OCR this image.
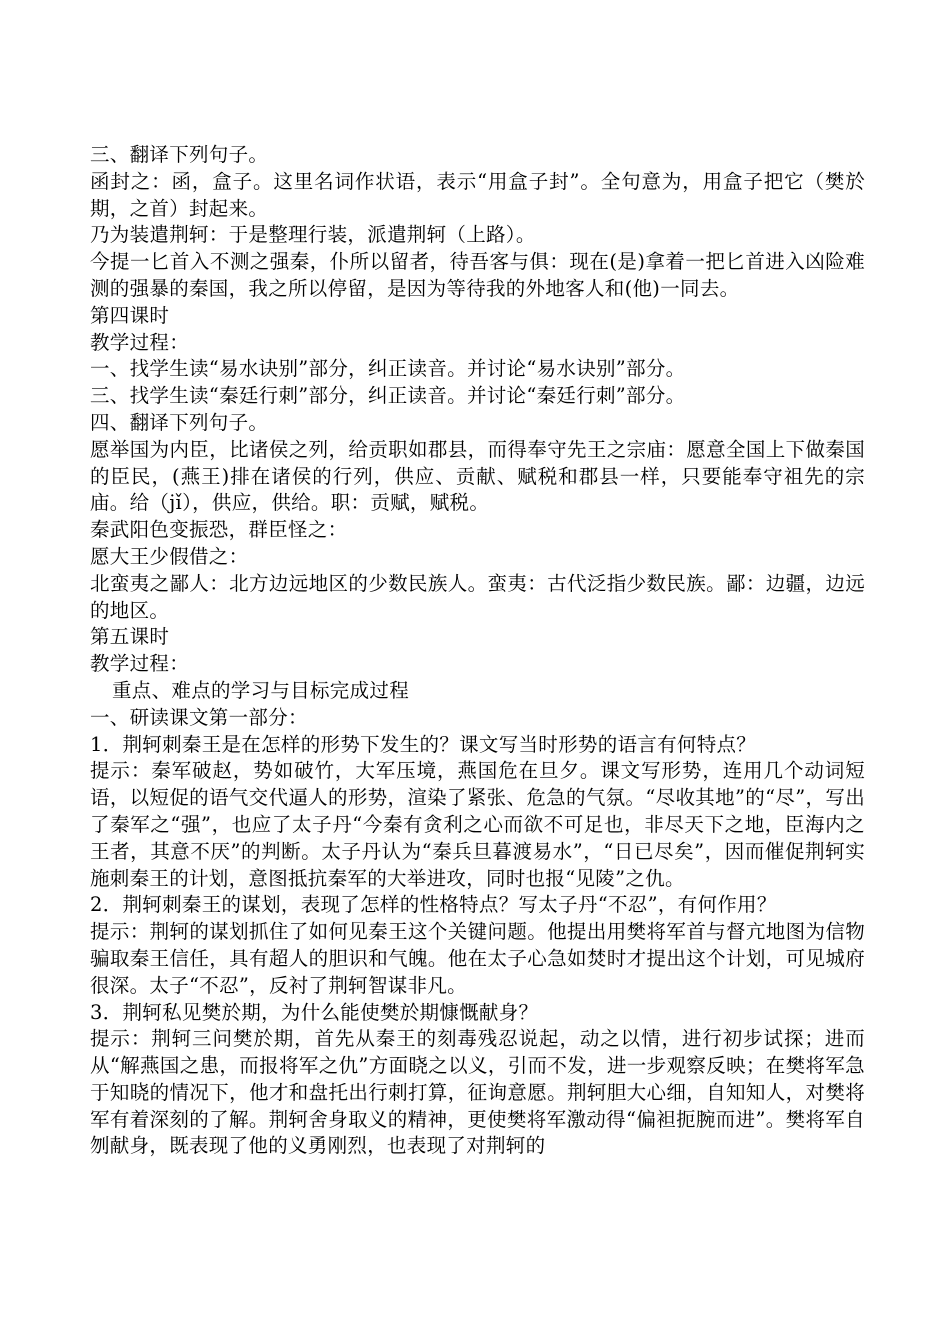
三、翻译下列句子。
函封之：函，盒子。这里名词作状语，表示“用盒子封”。全句意为，用盒子把它（樊於期，之首）封起来。
乃为装遣荆轲：于是整理行装，派遣荆轲（上路）。
今提一匕首入不测之强秦，仆所以留者，待吾客与俱：现在(是)拿着一把匕首进入凶险难测的强暴的秦国，我之所以停留，是因为等待我的外地客人和(他)一同去。
第四课时
教学过程：
一、找学生读“易水诀别”部分，纠正读音。并讨论“易水诀别”部分。
三、找学生读“秦廷行刺”部分，纠正读音。并讨论“秦廷行刺”部分。
四、翻译下列句子。
愿举国为内臣，比诸侯之列，给贡职如郡县，而得奉守先王之宗庙：愿意全国上下做秦国的臣民，(燕王)排在诸侯的行列，供应、贡献、赋税和郡县一样，只要能奉守祖先的宗庙。给（jǐ），供应，供给。职：贡赋，赋税。
秦武阳色变振恐，群臣怪之：
愿大王少假借之：
北蛮夷之鄙人：北方边远地区的少数民族人。蛮夷：古代泛指少数民族。鄙：边疆，边远的地区。
第五课时
教学过程：
重点、难点的学习与目标完成过程
一、研读课文第一部分：
1．荆轲刺秦王是在怎样的形势下发生的？课文写当时形势的语言有何特点？
提示：秦军破赵，势如破竹，大军压境，燕国危在旦夕。课文写形势，连用几个动词短语，以短促的语气交代逼人的形势，渲染了紧张、危急的气氛。“尽收其地”的“尽”，写出了秦军之“强”，也应了太子丹“今秦有贪利之心而欲不可足也，非尽天下之地，臣海内之王者，其意不厌”的判断。太子丹认为“秦兵旦暮渡易水”，“日已尽矣”，因而催促荆轲实施刺秦王的计划，意图抵抗秦军的大举进攻，同时也报“见陵”之仇。
2．荆轲刺秦王的谋划，表现了怎样的性格特点？写太子丹“不忍”，有何作用？
提示：荆轲的谋划抓住了如何见秦王这个关键问题。他提出用樊将军首与督亢地图为信物骗取秦王信任，具有超人的胆识和气魄。他在太子心急如焚时才提出这个计划，可见城府很深。太子“不忍”，反衬了荆轲智谋非凡。
3．荆轲私见樊於期，为什么能使樊於期慷慨献身？
提示：荆轲三问樊於期，首先从秦王的刻毒残忍说起，动之以情，进行初步试探；进而从“解燕国之患，而报将军之仇”方面晓之以义，引而不发，进一步观察反映；在樊将军急于知晓的情况下，他才和盘托出行刺打算，征询意愿。荆轲胆大心细，自知知人，对樊将军有着深刻的了解。荆轲舍身取义的精神，更使樊将军激动得“偏袒扼腕而进”。樊将军自刎献身，既表现了他的义勇刚烈，也表现了对荆轲的
